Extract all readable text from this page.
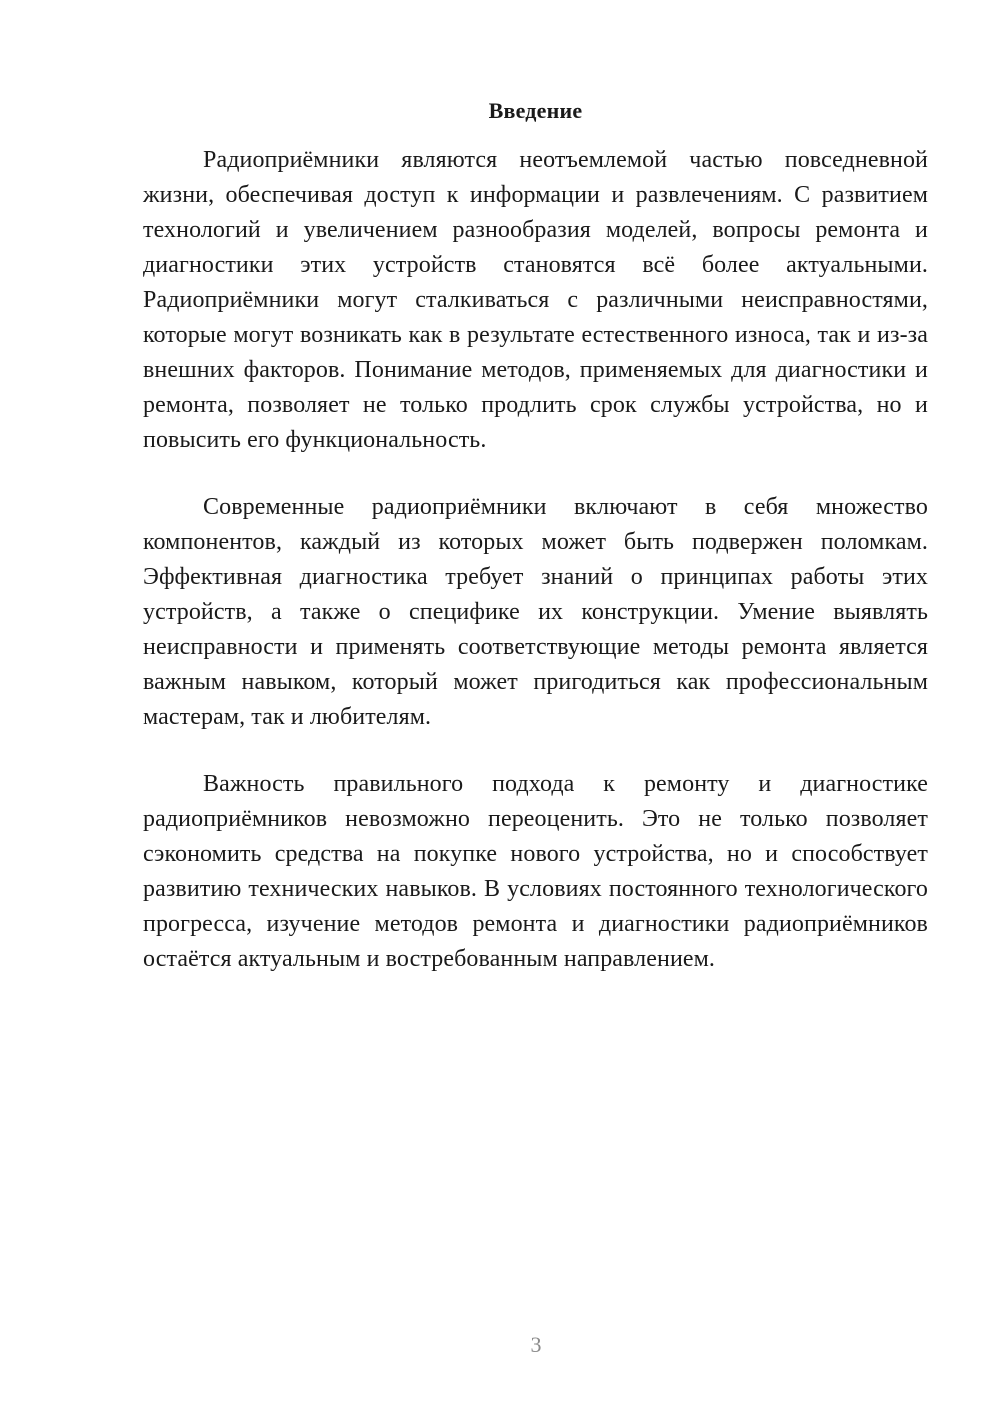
Введение

Радиоприёмники являются неотъемлемой частью повседневной жизни, обеспечивая доступ к информации и развлечениям. С развитием технологий и увеличением разнообразия моделей, вопросы ремонта и диагностики этих устройств становятся всё более актуальными. Радиоприёмники могут сталкиваться с различными неисправностями, которые могут возникать как в результате естественного износа, так и из-за внешних факторов. Понимание методов, применяемых для диагностики и ремонта, позволяет не только продлить срок службы устройства, но и повысить его функциональность.

Современные радиоприёмники включают в себя множество компонентов, каждый из которых может быть подвержен поломкам. Эффективная диагностика требует знаний о принципах работы этих устройств, а также о специфике их конструкции. Умение выявлять неисправности и применять соответствующие методы ремонта является важным навыком, который может пригодиться как профессиональным мастерам, так и любителям.

Важность правильного подхода к ремонту и диагностике радиоприёмников невозможно переоценить. Это не только позволяет сэкономить средства на покупке нового устройства, но и способствует развитию технических навыков. В условиях постоянного технологического прогресса, изучение методов ремонта и диагностики радиоприёмников остаётся актуальным и востребованным направлением.

3
